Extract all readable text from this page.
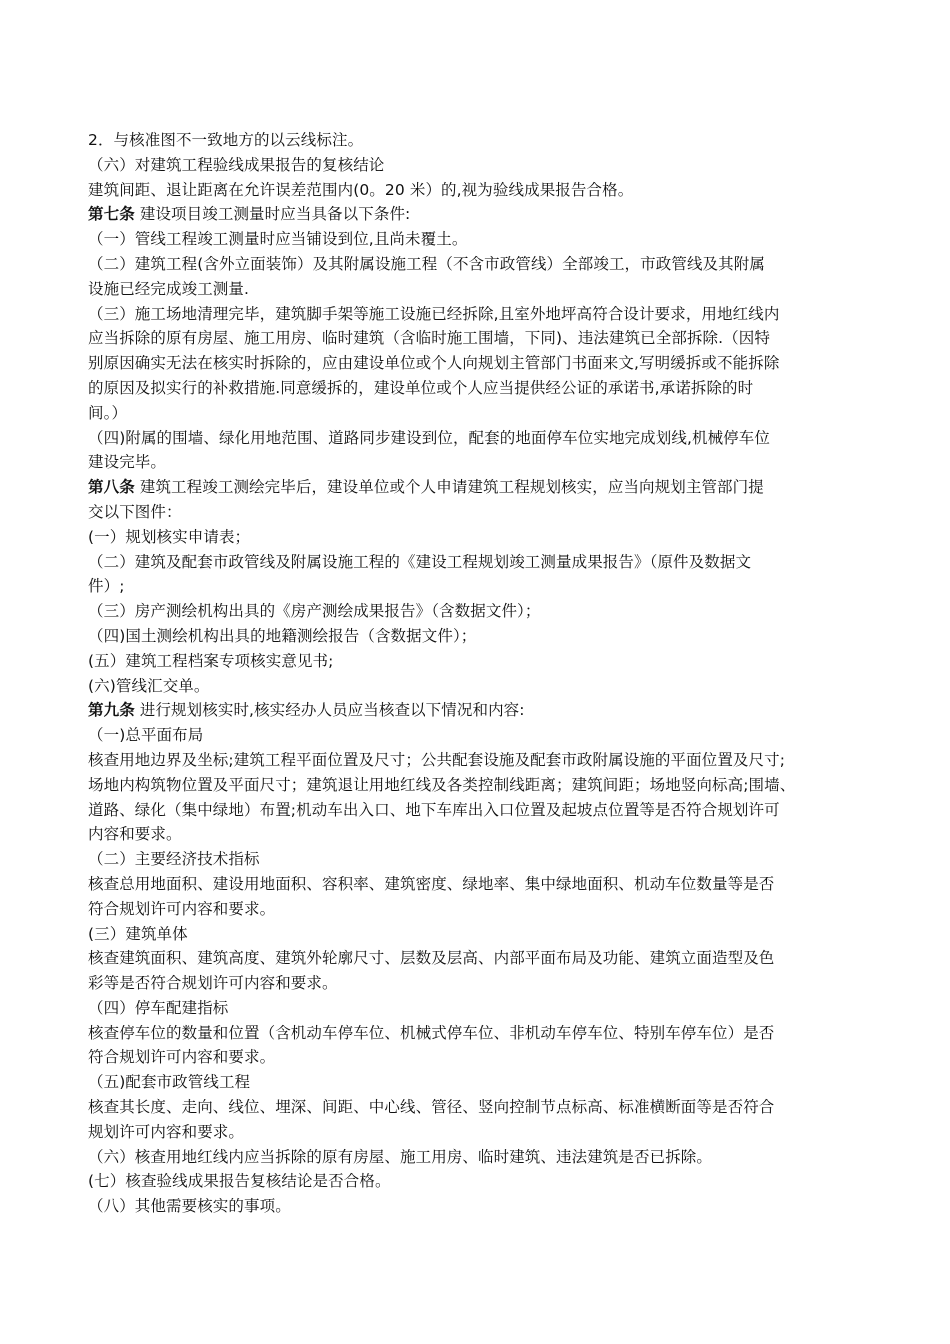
2．与核准图不一致地方的以云线标注。
（六）对建筑工程验线成果报告的复核结论
建筑间距、退让距离在允许误差范围内(0。20 米）的,视为验线成果报告合格。
第七条 建设项目竣工测量时应当具备以下条件:
（一）管线工程竣工测量时应当铺设到位,且尚未覆土。
（二）建筑工程(含外立面装饰）及其附属设施工程（不含市政管线）全部竣工，市政管线及其附属
设施已经完成竣工测量.
（三）施工场地清理完毕，建筑脚手架等施工设施已经拆除,且室外地坪高符合设计要求，用地红线内
应当拆除的原有房屋、施工用房、临时建筑（含临时施工围墙，下同)、违法建筑已全部拆除.（因特
别原因确实无法在核实时拆除的，应由建设单位或个人向规划主管部门书面来文,写明缓拆或不能拆除
的原因及拟实行的补救措施.同意缓拆的，建设单位或个人应当提供经公证的承诺书,承诺拆除的时
间。）
（四)附属的围墙、绿化用地范围、道路同步建设到位，配套的地面停车位实地完成划线,机械停车位
建设完毕。
第八条 建筑工程竣工测绘完毕后，建设单位或个人申请建筑工程规划核实，应当向规划主管部门提
交以下图件：
(一）规划核实申请表；
（二）建筑及配套市政管线及附属设施工程的《建设工程规划竣工测量成果报告》（原件及数据文
件）;
（三）房产测绘机构出具的《房产测绘成果报告》（含数据文件）；
（四)国土测绘机构出具的地籍测绘报告（含数据文件）；
(五）建筑工程档案专项核实意见书;
(六)管线汇交单。
第九条 进行规划核实时,核实经办人员应当核查以下情况和内容:
（一)总平面布局
核查用地边界及坐标;建筑工程平面位置及尺寸；公共配套设施及配套市政附属设施的平面位置及尺寸;
场地内构筑物位置及平面尺寸；建筑退让用地红线及各类控制线距离；建筑间距；场地竖向标高;围墙、
道路、绿化（集中绿地）布置;机动车出入口、地下车库出入口位置及起坡点位置等是否符合规划许可
内容和要求。
（二）主要经济技术指标
核查总用地面积、建设用地面积、容积率、建筑密度、绿地率、集中绿地面积、机动车位数量等是否
符合规划许可内容和要求。
(三）建筑单体
核查建筑面积、建筑高度、建筑外轮廓尺寸、层数及层高、内部平面布局及功能、建筑立面造型及色
彩等是否符合规划许可内容和要求。
（四）停车配建指标
核查停车位的数量和位置（含机动车停车位、机械式停车位、非机动车停车位、特别车停车位）是否
符合规划许可内容和要求。
（五)配套市政管线工程
核查其长度、走向、线位、埋深、间距、中心线、管径、竖向控制节点标高、标准横断面等是否符合
规划许可内容和要求。
（六）核查用地红线内应当拆除的原有房屋、施工用房、临时建筑、违法建筑是否已拆除。
(七）核查验线成果报告复核结论是否合格。
（八）其他需要核实的事项。
